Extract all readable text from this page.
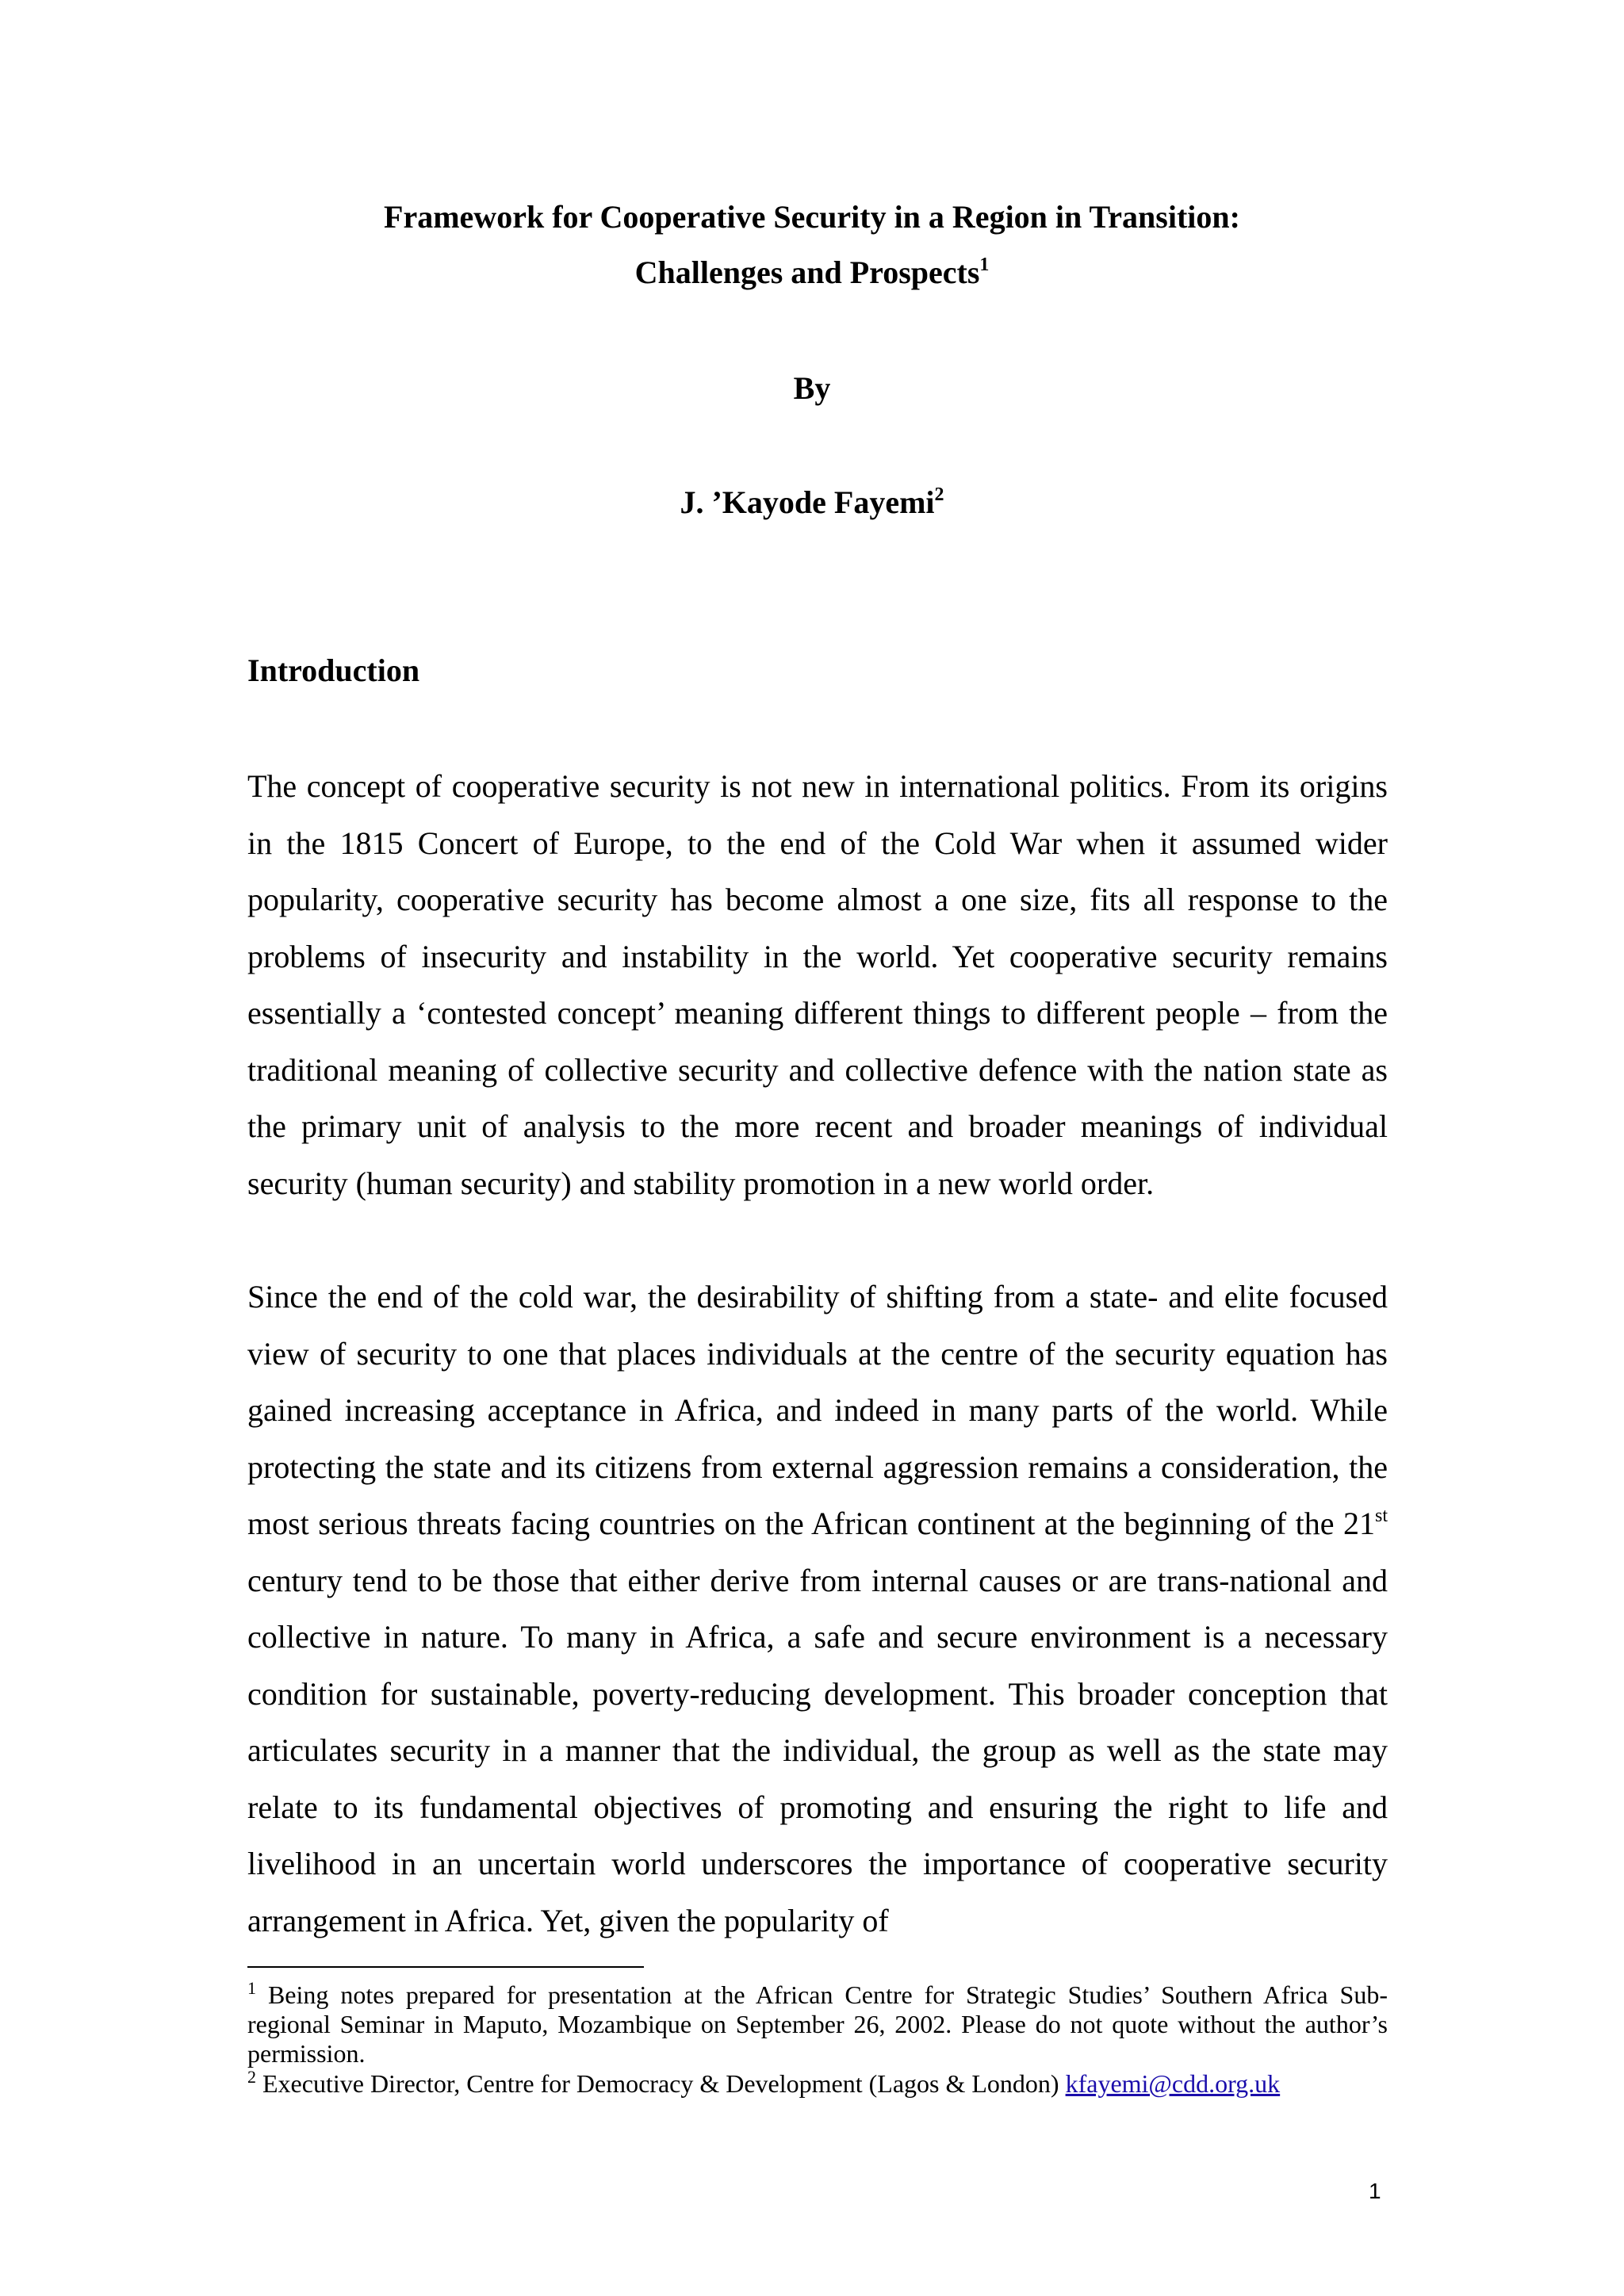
Framework for Cooperative Security in a Region in Transition:
Challenges and Prospects$^1$
By
J. ’Kayode Fayemi$^2$
Introduction
The concept of cooperative security is not new in international politics. From its origins in the 1815 Concert of Europe, to the end of the Cold War when it assumed wider popularity, cooperative security has become almost a one size, fits all response to the problems of insecurity and instability in the world. Yet cooperative security remains essentially a ‘contested concept’ meaning different things to different people – from the traditional meaning of collective security and collective defence with the nation state as the primary unit of analysis to the more recent and broader meanings of individual security (human security) and stability promotion in a new world order.
Since the end of the cold war, the desirability of shifting from a state- and elite focused view of security to one that places individuals at the centre of the security equation has gained increasing acceptance in Africa, and indeed in many parts of the world. While protecting the state and its citizens from external aggression remains a consideration, the most serious threats facing countries on the African continent at the beginning of the 21st century tend to be those that either derive from internal causes or are trans-national and collective in nature. To many in Africa, a safe and secure environment is a necessary condition for sustainable, poverty-reducing development. This broader conception that articulates security in a manner that the individual, the group as well as the state may relate to its fundamental objectives of promoting and ensuring the right to life and livelihood in an uncertain world underscores the importance of cooperative security arrangement in Africa. Yet, given the popularity of
$^1$ Being notes prepared for presentation at the African Centre for Strategic Studies’ Southern Africa Sub-regional Seminar in Maputo, Mozambique on September 26, 2002. Please do not quote without the author’s permission.
$^2$ Executive Director, Centre for Democracy & Development (Lagos & London) kfayemi@cdd.org.uk
1
